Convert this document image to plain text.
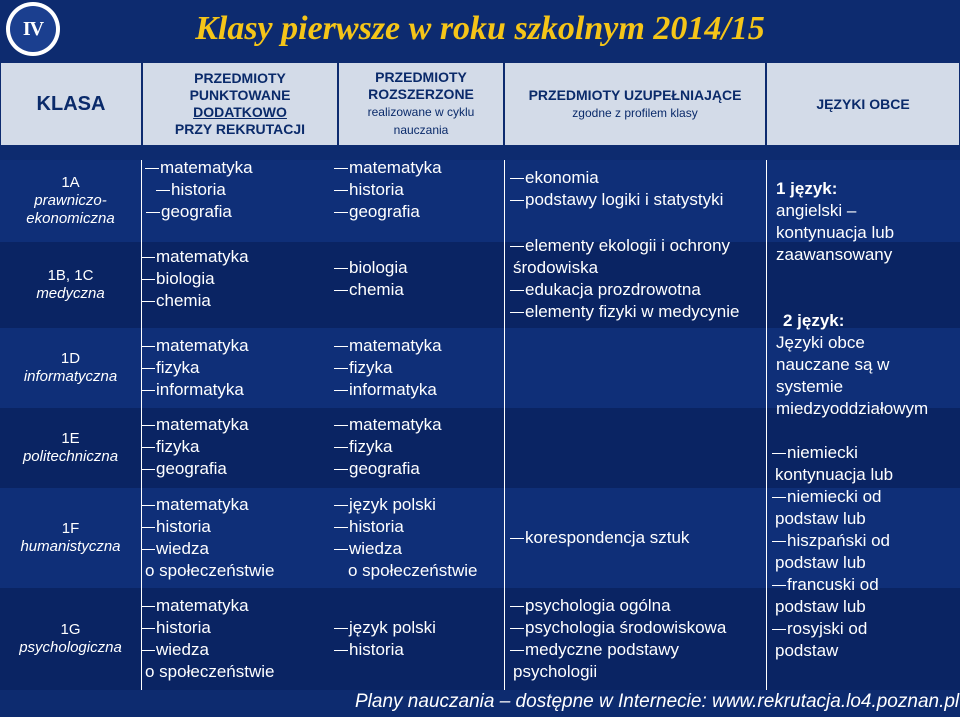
IV	Klasy pierwsze w roku szkolnym 2014/15
KLASA
PRZEDMIOTY
PUNKTOWANE
DODATKOWO
PRZY REKRUTACJI
PRZEDMIOTY
ROZSZERZONE
realizowane w cyklu
nauczania
PRZEDMIOTY UZUPEŁNIAJĄCE
zgodne z profilem klasy
JĘZYKI OBCE
1A
prawniczo-
ekonomiczna
1B, 1C
medyczna
1D
informatyczna
1E
politechniczna
1F
humanistyczna
1G
psychologiczna
matematyka
historia
geografia
matematyka
biologia
chemia
matematyka
fizyka
informatyka
matematyka
fizyka
geografia
matematyka
historia
wiedza
o społeczeństwie
matematyka
historia
wiedza
o społeczeństwie
matematyka
historia
geografia
biologia
chemia
matematyka
fizyka
informatyka
matematyka
fizyka
geografia
język polski
historia
wiedza
o społeczeństwie
język polski
historia
ekonomia
podstawy logiki i statystyki
elementy ekologii i ochrony
środowiska
edukacja prozdrowotna
elementy fizyki w medycynie
korespondencja sztuk
psychologia ogólna
psychologia środowiskowa
medyczne podstawy
psychologii
1 język:
angielski –
kontynuacja lub
zaawansowany
2 język:
Języki obce
nauczane są w
systemie
miedzyoddziałowym
niemiecki
kontynuacja lub
niemiecki od
podstaw lub
hiszpański od
podstaw lub
francuski od
podstaw lub
rosyjski od
podstaw
Plany nauczania – dostępne w Internecie: www.rekrutacja.lo4.poznan.pl
